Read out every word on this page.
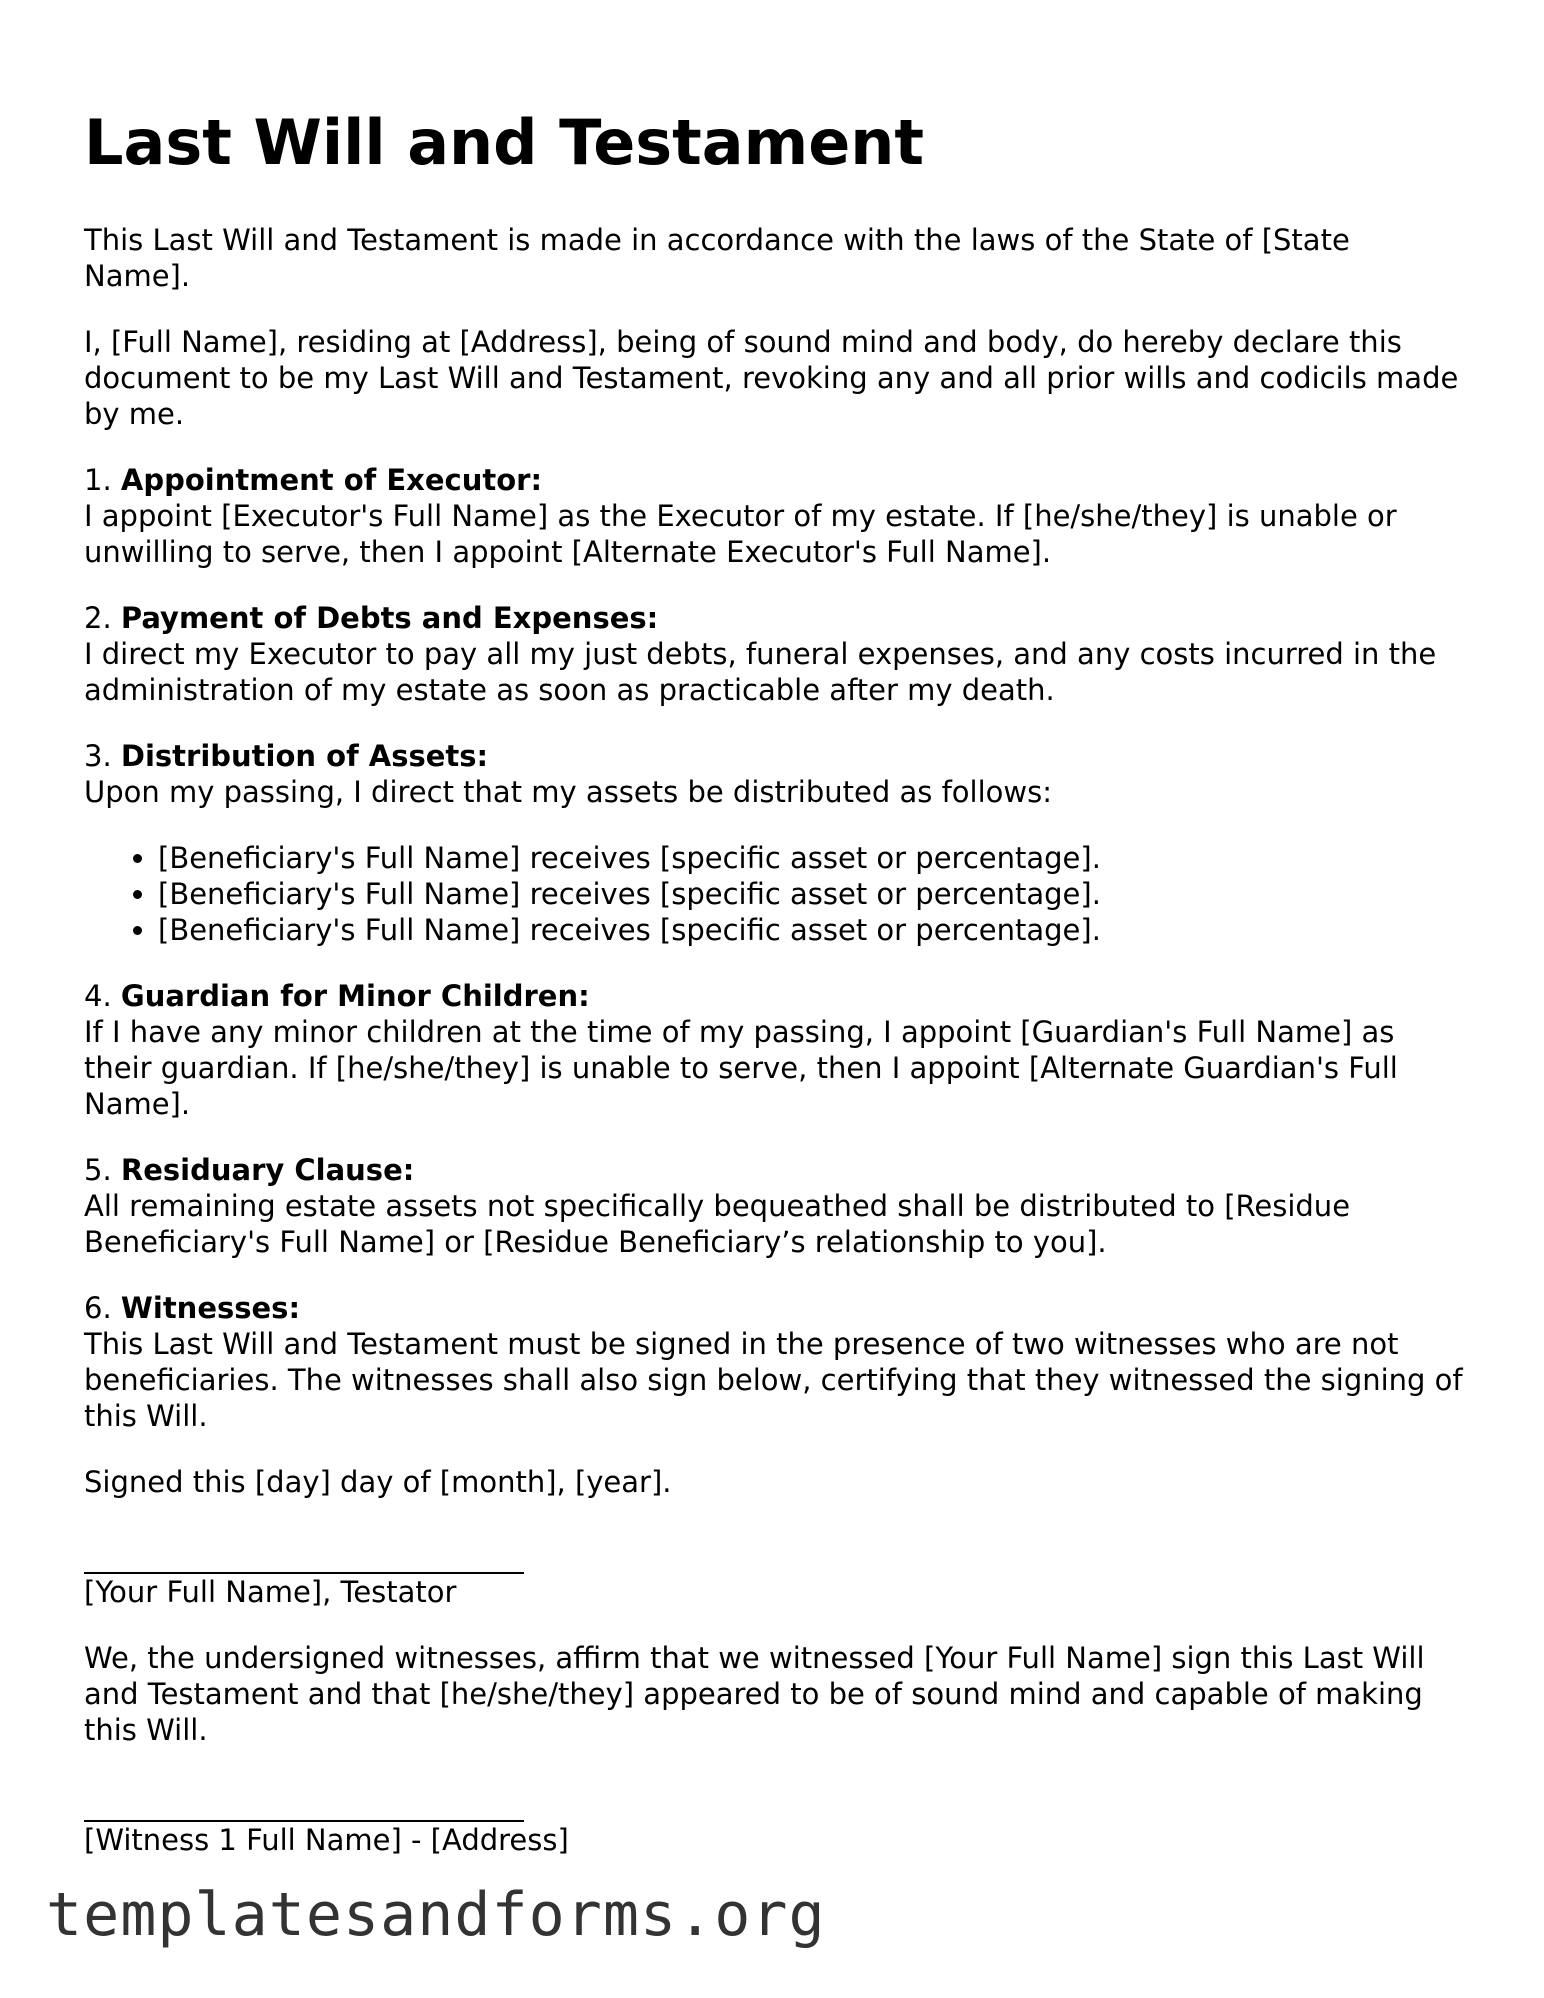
Last Will and Testament

This Last Will and Testament is made in accordance with the laws of the State of [State Name].

I, [Full Name], residing at [Address], being of sound mind and body, do hereby declare this document to be my Last Will and Testament, revoking any and all prior wills and codicils made by me.

1. Appointment of Executor:
I appoint [Executor's Full Name] as the Executor of my estate. If [he/she/they] is unable or unwilling to serve, then I appoint [Alternate Executor's Full Name].

2. Payment of Debts and Expenses:
I direct my Executor to pay all my just debts, funeral expenses, and any costs incurred in the administration of my estate as soon as practicable after my death.

3. Distribution of Assets:
Upon my passing, I direct that my assets be distributed as follows:

• [Beneficiary's Full Name] receives [specific asset or percentage].
• [Beneficiary's Full Name] receives [specific asset or percentage].
• [Beneficiary's Full Name] receives [specific asset or percentage].

4. Guardian for Minor Children:
If I have any minor children at the time of my passing, I appoint [Guardian's Full Name] as their guardian. If [he/she/they] is unable to serve, then I appoint [Alternate Guardian's Full Name].

5. Residuary Clause:
All remaining estate assets not specifically bequeathed shall be distributed to [Residue Beneficiary's Full Name] or [Residue Beneficiary’s relationship to you].

6. Witnesses:
This Last Will and Testament must be signed in the presence of two witnesses who are not beneficiaries. The witnesses shall also sign below, certifying that they witnessed the signing of this Will.

Signed this [day] day of [month], [year].

[Your Full Name], Testator

We, the undersigned witnesses, affirm that we witnessed [Your Full Name] sign this Last Will and Testament and that [he/she/they] appeared to be of sound mind and capable of making this Will.

[Witness 1 Full Name] - [Address]
templatesandforms.org
